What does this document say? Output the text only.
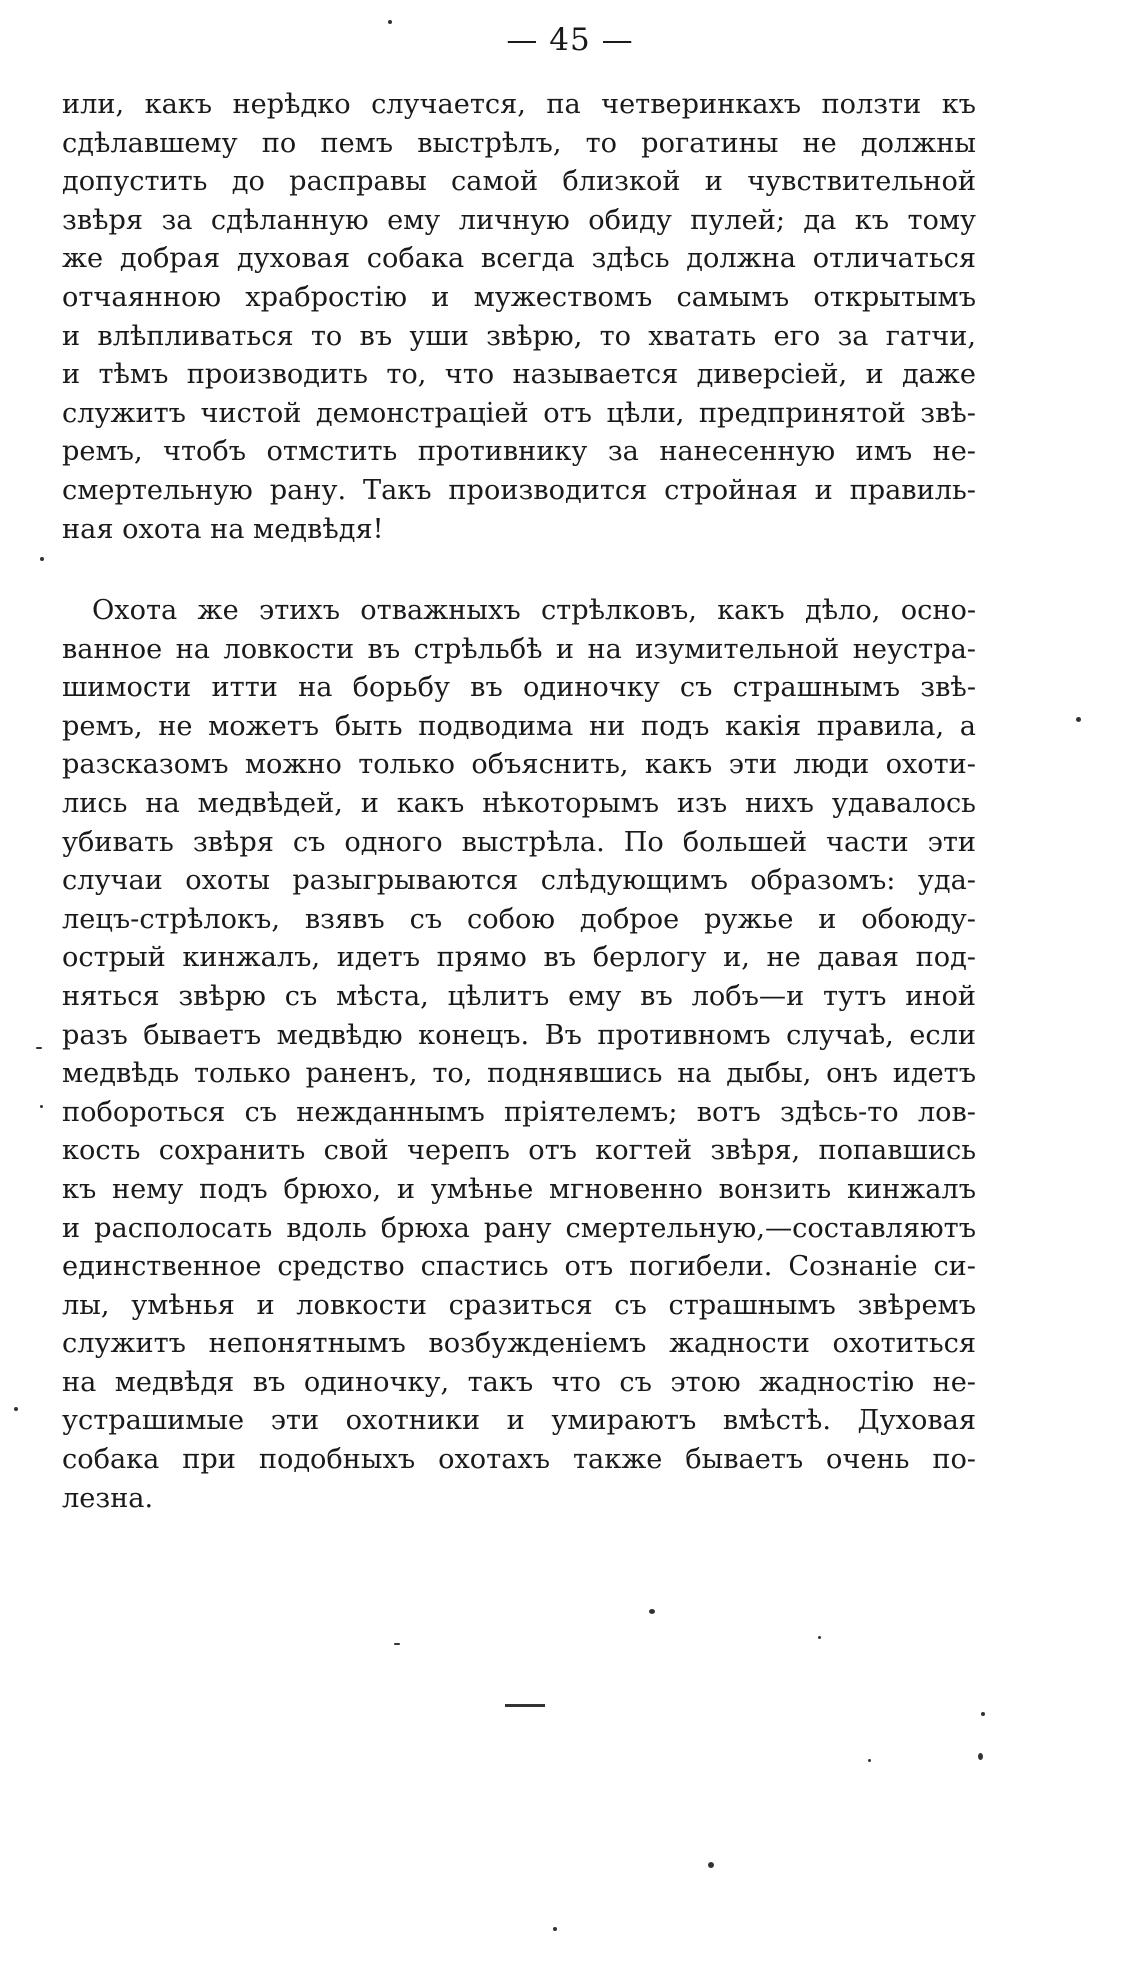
— 45 —
или, какъ нерѣдко случается, па четверинкахъ ползти къ
сдѣлавшему по пемъ выстрѣлъ, то рогатины не должны
допустить до расправы самой близкой и чувствительной
звѣря за сдѣланную ему личную обиду пулей; да къ тому
же добрая духовая собака всегда здѣсь должна отличаться
отчаянною храбростію и мужествомъ самымъ открытымъ
и влѣпливаться то въ уши звѣрю, то хватать его за гатчи,
и тѣмъ производить то, что называется диверсіей, и даже
служитъ чистой демонстраціей отъ цѣли, предпринятой звѣ-
ремъ, чтобъ отмстить противнику за нанесенную имъ не-
смертельную рану. Такъ производится стройная и правиль-
ная охота на медвѣдя!
Охота же этихъ отважныхъ стрѣлковъ, какъ дѣло, осно-
ванное на ловкости въ стрѣльбѣ и на изумительной неустра-
шимости итти на борьбу въ одиночку съ страшнымъ звѣ-
ремъ, не можетъ быть подводима ни подъ какія правила, а
разсказомъ можно только объяснить, какъ эти люди охоти-
лись на медвѣдей, и какъ нѣкоторымъ изъ нихъ удавалось
убивать звѣря съ одного выстрѣла. По большей части эти
случаи охоты разыгрываются слѣдующимъ образомъ: уда-
лецъ-стрѣлокъ, взявъ съ собою доброе ружье и обоюду-
острый кинжалъ, идетъ прямо въ берлогу и, не давая под-
няться звѣрю съ мѣста, цѣлитъ ему въ лобъ—и тутъ иной
разъ бываетъ медвѣдю конецъ. Въ противномъ случаѣ, если
медвѣдь только раненъ, то, поднявшись на дыбы, онъ идетъ
побороться съ нежданнымъ пріятелемъ; вотъ здѣсь-то лов-
кость сохранить свой черепъ отъ когтей звѣря, попавшись
къ нему подъ брюхо, и умѣнье мгновенно вонзить кинжалъ
и располосать вдоль брюха рану смертельную,—составляютъ
единственное средство спастись отъ погибели. Сознаніе си-
лы, умѣнья и ловкости сразиться съ страшнымъ звѣремъ
служитъ непонятнымъ возбужденіемъ жадности охотиться
на медвѣдя въ одиночку, такъ что съ этою жадностію не-
устрашимые эти охотники и умираютъ вмѣстѣ. Духовая
собака при подобныхъ охотахъ также бываетъ очень по-
лезна.
